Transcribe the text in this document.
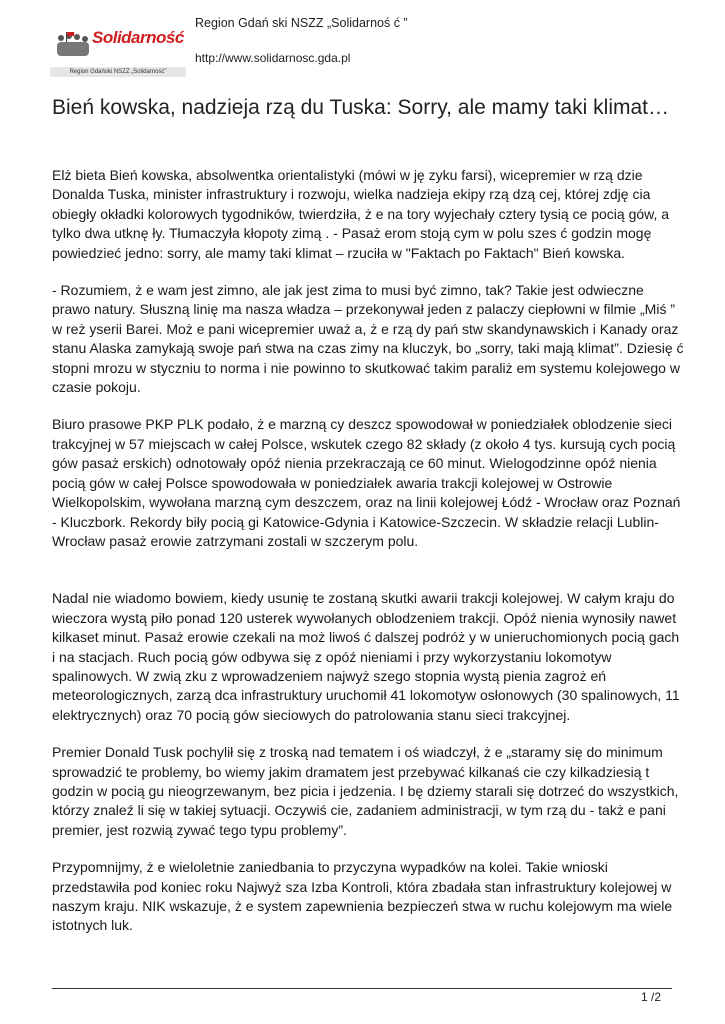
Solidarność
Region Gdański NSZZ „Solidarność”
Region Gdań ski NSZZ „Solidarnoś ć ”
http://www.solidarnosc.gda.pl
Bień kowska, nadzieja rzą du Tuska: Sorry, ale mamy taki klimat…

Elż bieta Bień kowska, absolwentka orientalistyki (mówi w ję zyku farsi), wicepremier w rzą dzie Donalda Tuska, minister infrastruktury i rozwoju, wielka nadzieja ekipy rzą dzą cej, której zdję cia obiegły okładki kolorowych tygodników, twierdziła, ż e na tory wyjechały cztery tysią ce pocią gów, a tylko dwa utknę ły. Tłumaczyła kłopoty zimą . - Pasaż erom stoją cym w polu szes ć godzin mogę powiedzieć jedno: sorry, ale mamy taki klimat – rzuciła w "Faktach po Faktach" Bień kowska.

- Rozumiem, ż e wam jest zimno, ale jak jest zima to musi być zimno, tak? Takie jest odwieczne prawo natury. Słuszną linię ma nasza władza – przekonywał jeden z palaczy ciepłowni w filmie „Miś ” w reż yserii Barei. Moż e pani wicepremier uważ a, ż e rzą dy pań stw skandynawskich i Kanady oraz stanu Alaska zamykają swoje pań stwa na czas zimy na kluczyk, bo „sorry, taki mają klimat”. Dziesię ć stopni mrozu w styczniu to norma i nie powinno to skutkować takim paraliż em systemu kolejowego w czasie pokoju.

Biuro prasowe PKP PLK podało, ż e marzną cy deszcz spowodował w poniedziałek oblodzenie sieci trakcyjnej w 57 miejscach w całej Polsce, wskutek czego 82 składy (z około 4 tys. kursują cych pocią gów pasaż erskich) odnotowały opóź nienia przekraczają ce 60 minut. Wielogodzinne opóź nienia pocią gów w całej Polsce spowodowała w poniedziałek awaria trakcji kolejowej w Ostrowie Wielkopolskim, wywołana marzną cym deszczem, oraz na linii kolejowej Łódź - Wrocław oraz Poznań - Kluczbork. Rekordy biły pocią gi Katowice-Gdynia i Katowice-Szczecin. W składzie relacji Lublin-Wrocław pasaż erowie zatrzymani zostali w szczerym polu.

Nadal nie wiadomo bowiem, kiedy usunię te zostaną skutki awarii trakcji kolejowej. W całym kraju do wieczora wystą piło ponad 120 usterek wywołanych oblodzeniem trakcji. Opóź nienia wynosiły nawet kilkaset minut. Pasaż erowie czekali na moż liwoś ć dalszej podróż y w unieruchomionych pocią gach i na stacjach. Ruch pocią gów odbywa się z opóź nieniami i przy wykorzystaniu lokomotyw spalinowych. W zwią zku z wprowadzeniem najwyż szego stopnia wystą pienia zagroż eń meteorologicznych, zarzą dca infrastruktury uruchomił 41 lokomotyw osłonowych (30 spalinowych, 11 elektrycznych) oraz 70 pocią gów sieciowych do patrolowania stanu sieci trakcyjnej.

Premier Donald Tusk pochylił się z troską nad tematem i oś wiadczył, ż e „staramy się do minimum sprowadzić te problemy, bo wiemy jakim dramatem jest przebywać kilkanaś cie czy kilkadziesią t godzin w pocią gu nieogrzewanym, bez picia i jedzenia. I bę dziemy starali się dotrzeć do wszystkich, którzy znaleź li się w takiej sytuacji. Oczywiś cie, zadaniem administracji, w tym rzą du - takż e pani premier, jest rozwią zywać tego typu problemy”.

Przypomnijmy, ż e wieloletnie zaniedbania to przyczyna wypadków na kolei. Takie wnioski przedstawiła pod koniec roku Najwyż sza Izba Kontroli, która zbadała stan infrastruktury kolejowej w naszym kraju. NIK wskazuje, ż e system zapewnienia bezpieczeń stwa w ruchu kolejowym ma wiele istotnych luk.

1 /2
